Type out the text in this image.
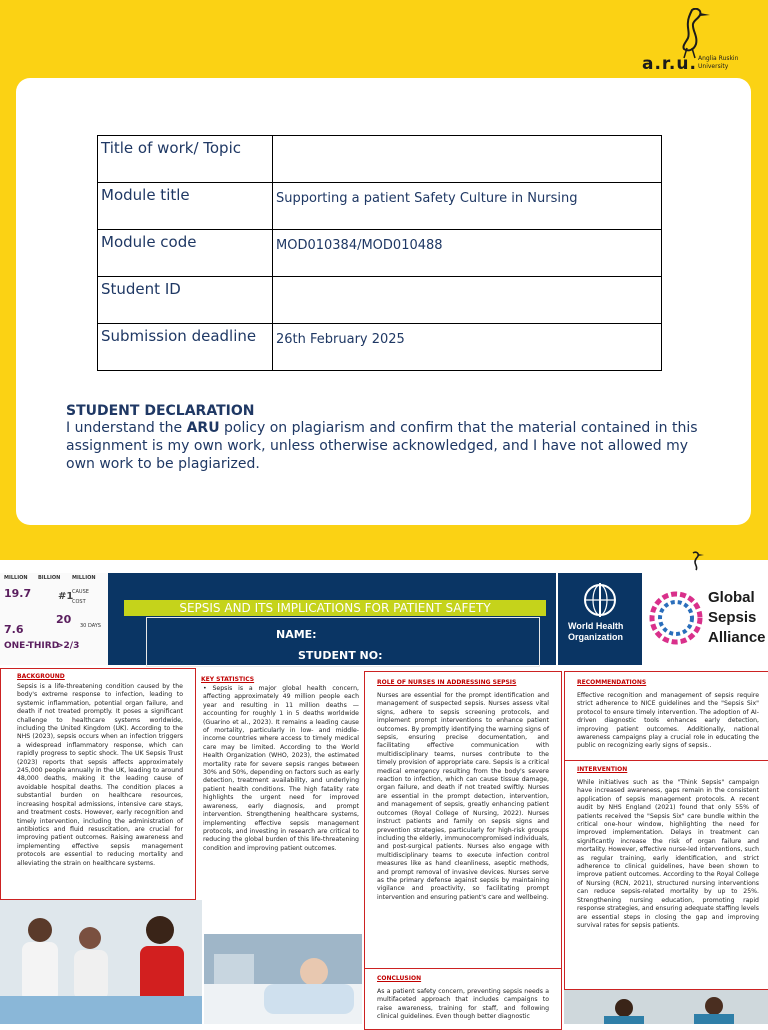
a.r.u. Anglia Ruskin University
Title of work/ Topic	
Module title	Supporting a patient Safety Culture in Nursing
Module code	MOD010384/MOD010488
Student ID	
Submission deadline	26th February 2025
STUDENT DECLARATION
I understand the ARU policy on plagiarism and confirm that the material contained in this assignment is my own work, unless otherwise acknowledged, and I have not allowed my own work to be plagiarized.
MILLION BILLION MILLION
19.7	#1
CAUSE
COST
7.6
20 30 DAYS
ONE-THIRD
>2/3
SEPSIS AND ITS IMPLICATIONS FOR PATIENT SAFETY
NAME:
STUDENT NO:
World Health Organization
Global Sepsis Alliance
BACKGROUND
Sepsis is a life-threatening condition caused by the body's extreme response to infection, leading to systemic inflammation, potential organ failure, and death if not treated promptly. It poses a significant challenge to healthcare systems worldwide, including the United Kingdom (UK). According to the NHS (2023), sepsis occurs when an infection triggers a widespread inflammatory response, which can rapidly progress to septic shock. The UK Sepsis Trust (2023) reports that sepsis affects approximately 245,000 people annually in the UK, leading to around 48,000 deaths, making it the leading cause of avoidable hospital deaths. The condition places a substantial burden on healthcare resources, increasing hospital admissions, intensive care stays, and treatment costs. However, early recognition and timely intervention, including the administration of antibiotics and fluid resuscitation, are crucial for improving patient outcomes. Raising awareness and implementing effective sepsis management protocols are essential to reducing mortality and alleviating the strain on healthcare systems.
KEY STATISTICS
• Sepsis is a major global health concern, affecting approximately 49 million people each year and resulting in 11 million deaths —accounting for roughly 1 in 5 deaths worldwide (Guarino et al., 2023). It remains a leading cause of mortality, particularly in low- and middle-income countries where access to timely medical care may be limited. According to the World Health Organization (WHO, 2023), the estimated mortality rate for severe sepsis ranges between 30% and 50%, depending on factors such as early detection, treatment availability, and underlying patient health conditions. The high fatality rate highlights the urgent need for improved awareness, early diagnosis, and prompt intervention. Strengthening healthcare systems, implementing effective sepsis management protocols, and investing in research are critical to reducing the global burden of this life-threatening condition and improving patient outcomes.
ROLE OF NURSES IN ADDRESSING SEPSIS
Nurses are essential for the prompt identification and management of suspected sepsis. Nurses assess vital signs, adhere to sepsis screening protocols, and implement prompt interventions to enhance patient outcomes. By promptly identifying the warning signs of sepsis, ensuring precise documentation, and facilitating effective communication with multidisciplinary teams, nurses contribute to the timely provision of appropriate care. Sepsis is a critical medical emergency resulting from the body's severe reaction to infection, which can cause tissue damage, organ failure, and death if not treated swiftly. Nurses are essential in the prompt detection, intervention, and management of sepsis, greatly enhancing patient outcomes (Royal College of Nursing, 2022). Nurses instruct patients and family on sepsis signs and prevention strategies, particularly for high-risk groups including the elderly, immunocompromised individuals, and post-surgical patients. Nurses also engage with multidisciplinary teams to execute infection control measures like as hand cleanliness, aseptic methods, and prompt removal of invasive devices. Nurses serve as the primary defense against sepsis by maintaining vigilance and proactivity, so facilitating prompt intervention and ensuring patient's care and wellbeing.
CONCLUSION
As a patient safety concern, preventing sepsis needs a multifaceted approach that includes campaigns to raise awareness, training for staff, and following clinical guidelines. Even though better diagnostic
RECOMMENDATIONS
Effective recognition and management of sepsis require strict adherence to NICE guidelines and the "Sepsis Six" protocol to ensure timely intervention. The adoption of AI-driven diagnostic tools enhances early detection, improving patient outcomes. Additionally, national awareness campaigns play a crucial role in educating the public on recognizing early signs of sepsis..
INTERVENTION
While initiatives such as the "Think Sepsis" campaign have increased awareness, gaps remain in the consistent application of sepsis management protocols. A recent audit by NHS England (2021) found that only 55% of patients received the "Sepsis Six" care bundle within the critical one-hour window, highlighting the need for improved implementation. Delays in treatment can significantly increase the risk of organ failure and mortality. However, effective nurse-led interventions, such as regular training, early identification, and strict adherence to clinical guidelines, have been shown to improve patient outcomes. According to the Royal College of Nursing (RCN, 2021), structured nursing interventions can reduce sepsis-related mortality by up to 25%. Strengthening nursing education, promoting rapid response strategies, and ensuring adequate staffing levels are essential steps in closing the gap and improving survival rates for sepsis patients.
